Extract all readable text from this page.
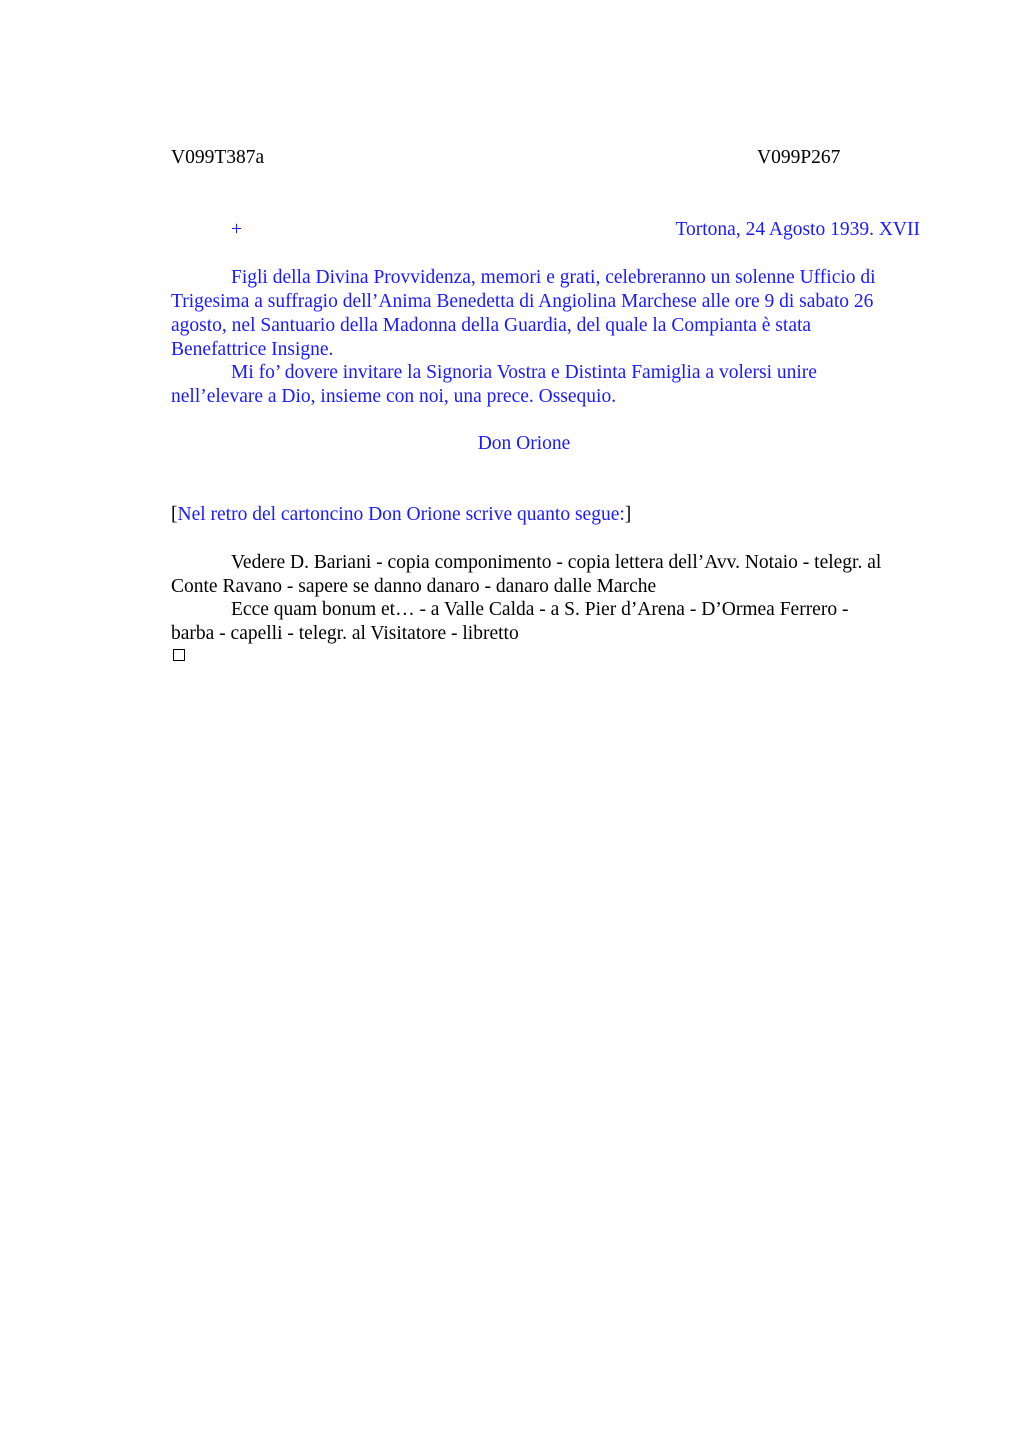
V099T387a	V099P267
+	Tortona, 24 Agosto 1939. XVII
Figli della Divina Provvidenza, memori e grati, celebreranno un solenne Ufficio di
Trigesima a suffragio dell’Anima Benedetta di Angiolina Marchese alle ore 9 di sabato 26
agosto, nel Santuario della Madonna della Guardia, del quale la Compianta è stata
Benefattrice Insigne.
Mi fo’ dovere invitare la Signoria Vostra e Distinta Famiglia a volersi unire
nell’elevare a Dio, insieme con noi, una prece. Ossequio.
Don Orione
[Nel retro del cartoncino Don Orione scrive quanto segue:]
Vedere D. Bariani - copia componimento - copia lettera dell’Avv. Notaio - telegr. al
Conte Ravano - sapere se danno danaro - danaro dalle Marche
Ecce quam bonum et… - a Valle Calda - a S. Pier d’Arena - D’Ormea Ferrero -
barba - capelli - telegr. al Visitatore - libretto
